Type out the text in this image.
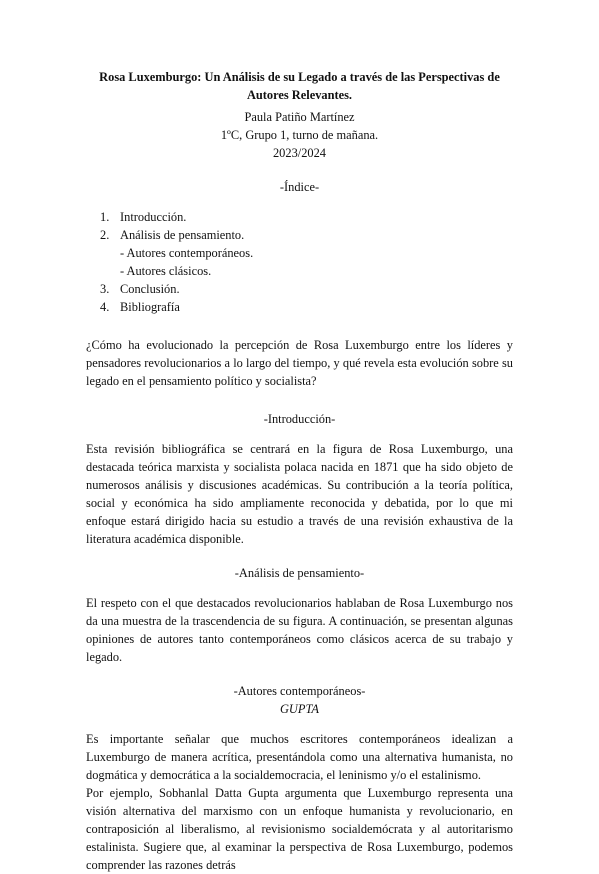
Rosa Luxemburgo: Un Análisis de su Legado a través de las Perspectivas de Autores Relevantes.
Paula Patiño Martínez
1ºC, Grupo 1, turno de mañana.
2023/2024
-Índice-
1. Introducción.
2. Análisis de pensamiento.
- Autores contemporáneos.
- Autores clásicos.
3. Conclusión.
4. Bibliografía

¿Cómo ha evolucionado la percepción de Rosa Luxemburgo entre los líderes y pensadores revolucionarios a lo largo del tiempo, y qué revela esta evolución sobre su legado en el pensamiento político y socialista?

-Introducción-

Esta revisión bibliográfica se centrará en la figura de Rosa Luxemburgo, una destacada teórica marxista y socialista polaca nacida en 1871 que ha sido objeto de numerosos análisis y discusiones académicas. Su contribución a la teoría política, social y económica ha sido ampliamente reconocida y debatida, por lo que mi enfoque estará dirigido hacia su estudio a través de una revisión exhaustiva de la literatura académica disponible.

-Análisis de pensamiento-

El respeto con el que destacados revolucionarios hablaban de Rosa Luxemburgo nos da una muestra de la trascendencia de su figura. A continuación, se presentan algunas opiniones de autores tanto contemporáneos como clásicos acerca de su trabajo y legado.

-Autores contemporáneos-
GUPTA

Es importante señalar que muchos escritores contemporáneos idealizan a Luxemburgo de manera acrítica, presentándola como una alternativa humanista, no dogmática y democrática a la socialdemocracia, el leninismo y/o el estalinismo.

Por ejemplo, Sobhanlal Datta Gupta argumenta que Luxemburgo representa una visión alternativa del marxismo con un enfoque humanista y revolucionario, en contraposición al liberalismo, al revisionismo socialdemócrata y al autoritarismo estalinista. Sugiere que, al examinar la perspectiva de Rosa Luxemburgo, podemos comprender las razones detrás
